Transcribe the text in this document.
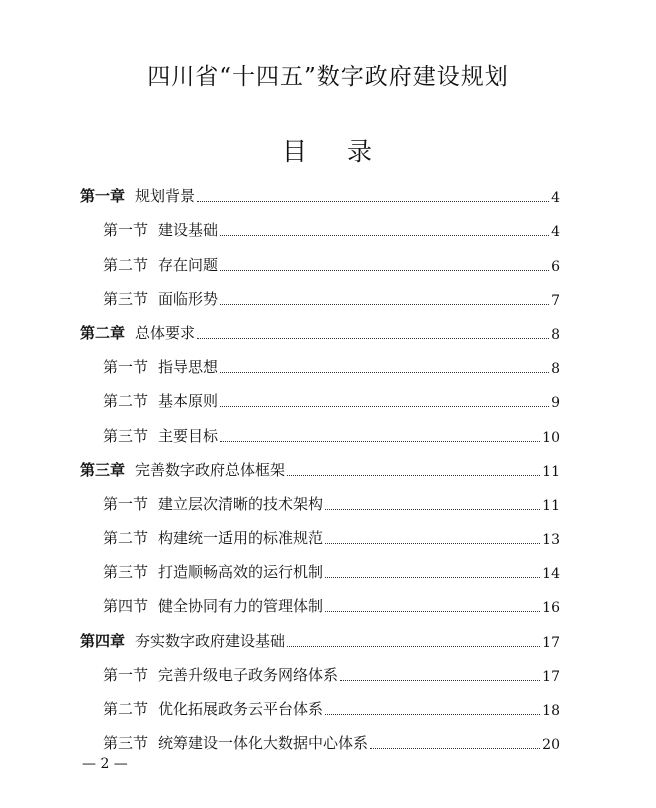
四川省“十四五”数字政府建设规划
目 录
第一章 规划背景	4
第一节 建设基础	4
第二节 存在问题	6
第三节 面临形势	7
第二章 总体要求	8
第一节 指导思想	8
第二节 基本原则	9
第三节 主要目标	10
第三章 完善数字政府总体框架	11
第一节 建立层次清晰的技术架构	11
第二节 构建统一适用的标准规范	13
第三节 打造顺畅高效的运行机制	14
第四节 健全协同有力的管理体制	16
第四章 夯实数字政府建设基础	17
第一节 完善升级电子政务网络体系	17
第二节 优化拓展政务云平台体系	18
第三节 统筹建设一体化大数据中心体系	20
— 2 —
